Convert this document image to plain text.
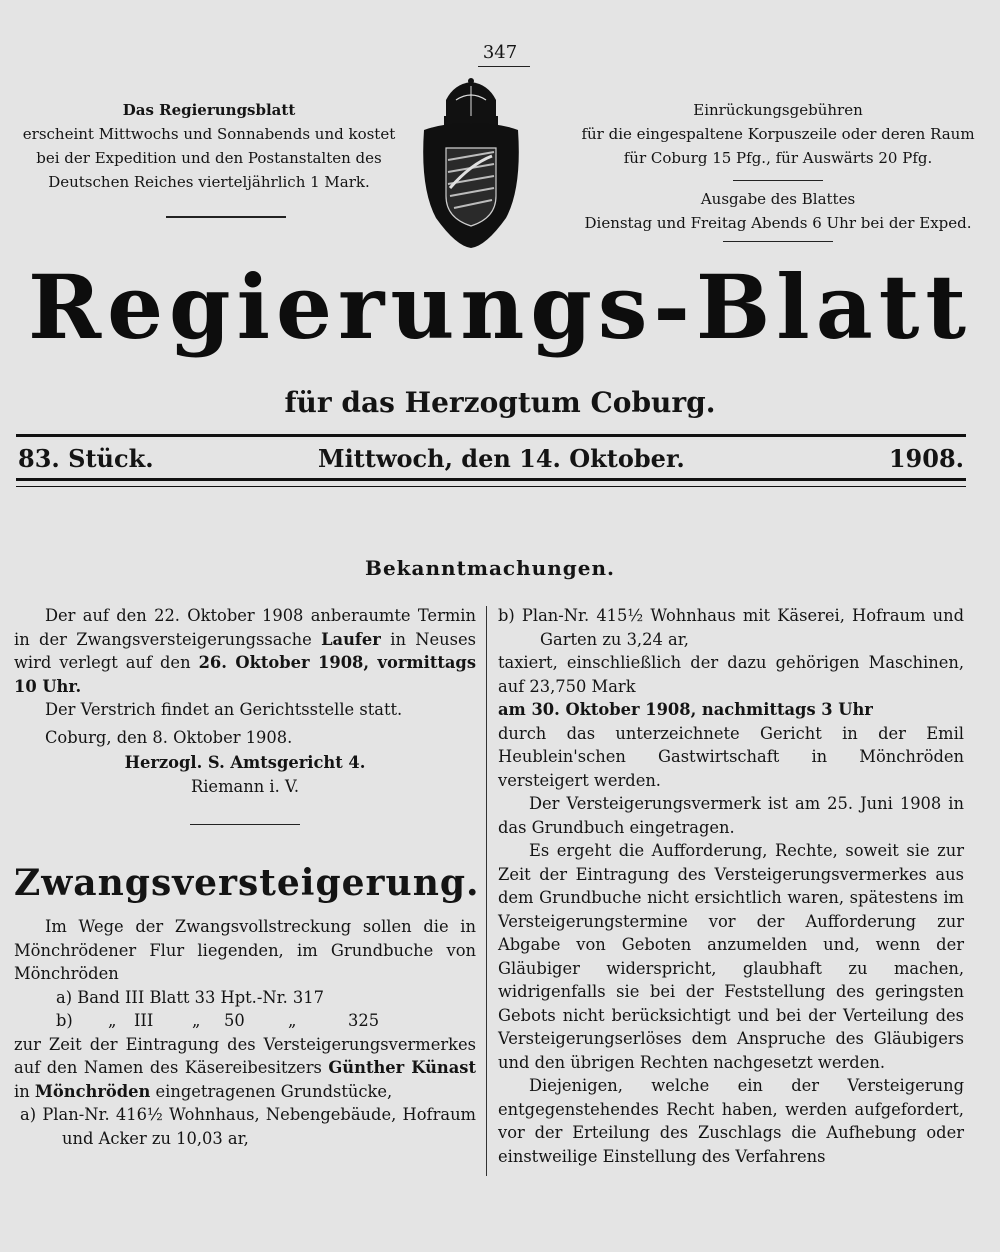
347
Das Regierungsblatt
erscheint Mittwochs und Sonnabends und kostet
bei der Expedition und den Postanstalten des
Deutschen Reiches vierteljährlich 1 Mark.
Einrückungsgebühren
für die eingespaltene Korpuszeile oder deren Raum
für Coburg 15 Pfg., für Auswärts 20 Pfg.
Ausgabe des Blattes
Dienstag und Freitag Abends 6 Uhr bei der Exped.
Regierungs-Blatt
für das Herzogtum Coburg.
83. Stück.	Mittwoch, den 14. Oktober.	1908.
Bekanntmachungen.

Der auf den 22. Oktober 1908 anberaumte Termin in der Zwangsversteigerungssache Laufer in Neuses wird verlegt auf den 26. Oktober 1908, vormittags 10 Uhr.

Der Verstrich findet an Gerichtsstelle statt.

Coburg, den 8. Oktober 1908.

Herzogl. S. Amtsgericht 4.

Riemann i. V.

Zwangsversteigerung.

Im Wege der Zwangsvollstreckung sollen die in Mönchrödener Flur liegenden, im Grundbuche von Mönchröden

a) Band III Blatt 33 Hpt.-Nr. 317

b) „ III „ 50	„	325

zur Zeit der Eintragung des Versteigerungsvermerkes auf den Namen des Käsereibesitzers Günther Künast in Mönchröden eingetragenen Grundstücke,

a) Plan-Nr. 416½ Wohnhaus, Nebengebäude, Hofraum und Acker zu 10,03 ar,

b) Plan-Nr. 415½ Wohnhaus mit Käserei, Hofraum und Garten zu 3,24 ar,

taxiert, einschließlich der dazu gehörigen Maschinen, auf 23,750 Mark

am 30. Oktober 1908, nachmittags 3 Uhr

durch das unterzeichnete Gericht in der Emil Heublein'schen Gastwirtschaft in Mönchröden versteigert werden.

Der Versteigerungsvermerk ist am 25. Juni 1908 in das Grundbuch eingetragen.

Es ergeht die Aufforderung, Rechte, soweit sie zur Zeit der Eintragung des Versteigerungsvermerkes aus dem Grundbuche nicht ersichtlich waren, spätestens im Versteigerungstermine vor der Aufforderung zur Abgabe von Geboten anzumelden und, wenn der Gläubiger widerspricht, glaubhaft zu machen, widrigenfalls sie bei der Feststellung des geringsten Gebots nicht berücksichtigt und bei der Verteilung des Versteigerungserlöses dem Anspruche des Gläubigers und den übrigen Rechten nachgesetzt werden.

Diejenigen, welche ein der Versteigerung entgegenstehendes Recht haben, werden aufgefordert, vor der Erteilung des Zuschlags die Aufhebung oder einstweilige Einstellung des Verfahrens
